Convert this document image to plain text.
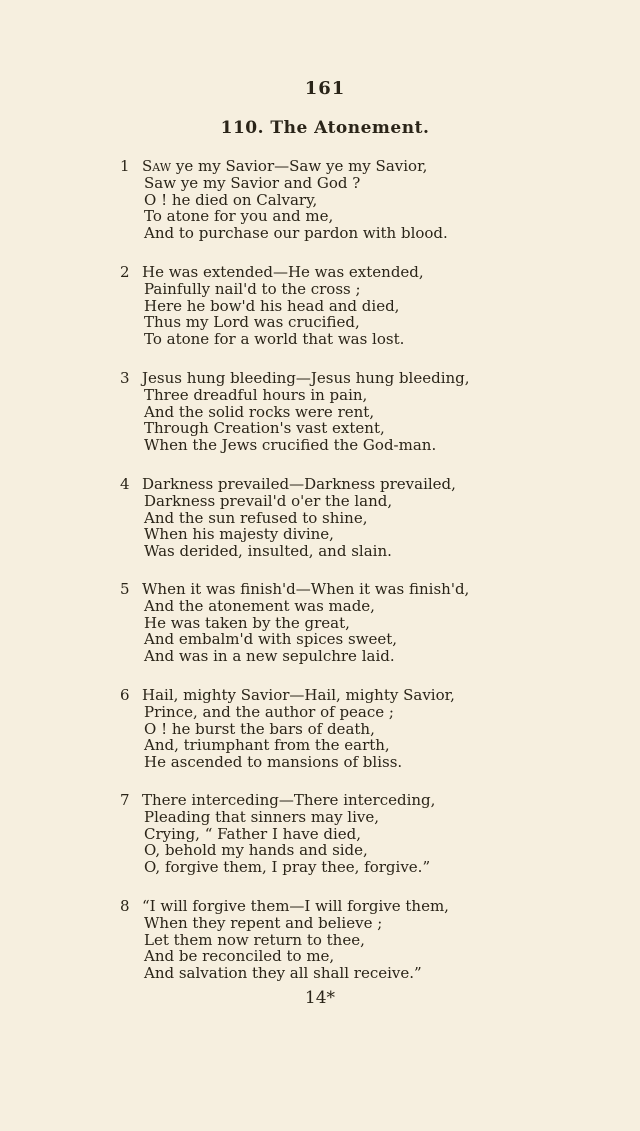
161
110. The Atonement.
1 Saw ye my Savior—Saw ye my Savior,
Saw ye my Savior and God ?
O ! he died on Calvary,
To atone for you and me,
And to purchase our pardon with blood.
2 He was extended—He was extended,
Painfully nail'd to the cross ;
Here he bow'd his head and died,
Thus my Lord was crucified,
To atone for a world that was lost.
3 Jesus hung bleeding—Jesus hung bleeding,
Three dreadful hours in pain,
And the solid rocks were rent,
Through Creation's vast extent,
When the Jews crucified the God-man.
4 Darkness prevailed—Darkness prevailed,
Darkness prevail'd o'er the land,
And the sun refused to shine,
When his majesty divine,
Was derided, insulted, and slain.
5 When it was finish'd—When it was finish'd,
And the atonement was made,
He was taken by the great,
And embalm'd with spices sweet,
And was in a new sepulchre laid.
6 Hail, mighty Savior—Hail, mighty Savior,
Prince, and the author of peace ;
O ! he burst the bars of death,
And, triumphant from the earth,
He ascended to mansions of bliss.
7 There interceding—There interceding,
Pleading that sinners may live,
Crying, “ Father I have died,
O, behold my hands and side,
O, forgive them, I pray thee, forgive.”
8 “I will forgive them—I will forgive them,
When they repent and believe ;
Let them now return to thee,
And be reconciled to me,
And salvation they all shall receive.”
14*
